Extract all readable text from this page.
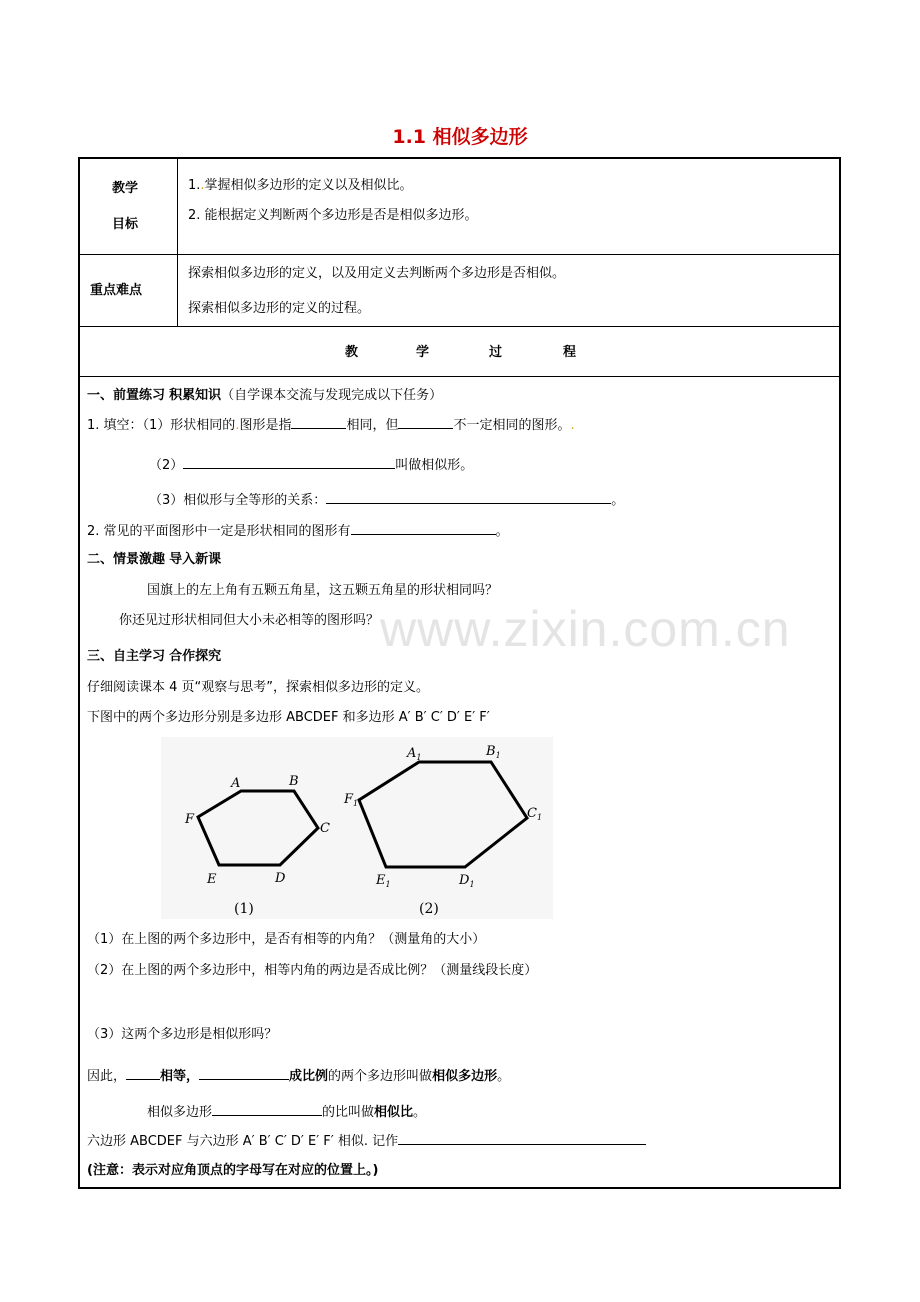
1.1 相似多边形
教学
目标
1..掌握相似多边形的定义以及相似比。
2. 能根据定义判断两个多边形是否是相似多边形。
重点难点
探索相似多边形的定义，以及用定义去判断两个多边形是否相似。
探索相似多边形的定义的过程。
教	学	过	程
一、前置练习 积累知识（自学课本交流与发现完成以下任务）
1. 填空：（1）形状相同的.图形是指	相同，但	不一定相同的图形。.
（2）	叫做相似形。
（3）相似形与全等形的关系：	。
2. 常见的平面图形中一定是形状相同的图形有	。
二、情景激趣 导入新课
国旗上的左上角有五颗五角星，这五颗五角星的形状相同吗？
你还见过形状相同但大小未必相等的图形吗？
三、自主学习 合作探究
仔细阅读课本 4 页“观察与思考”，探索相似多边形的定义。
下图中的两个多边形分别是多边形 ABCDEF 和多边形 A′ B′ C′ D′ E′ F′
A	B
C
D
E
F
$A_1$	$B_1$
$C_1$
$D_1$
$E_1$
$F_1$
(1)	(2)
（1）在上图的两个多边形中，是否有相等的内角？（测量角的大小）
（2）在上图的两个多边形中，相等内角的两边是否成比例？（测量线段长度）
（3）这两个多边形是相似形吗？
因此，	相等，	成比例的两个多边形叫做相似多边形。
相似多边形	的比叫做相似比。
六边形 ABCDEF 与六边形 A′ B′ C′ D′ E′ F′ 相似. 记作
(注意：表示对应角顶点的字母写在对应的位置上。)
www.zixin.com.cn
